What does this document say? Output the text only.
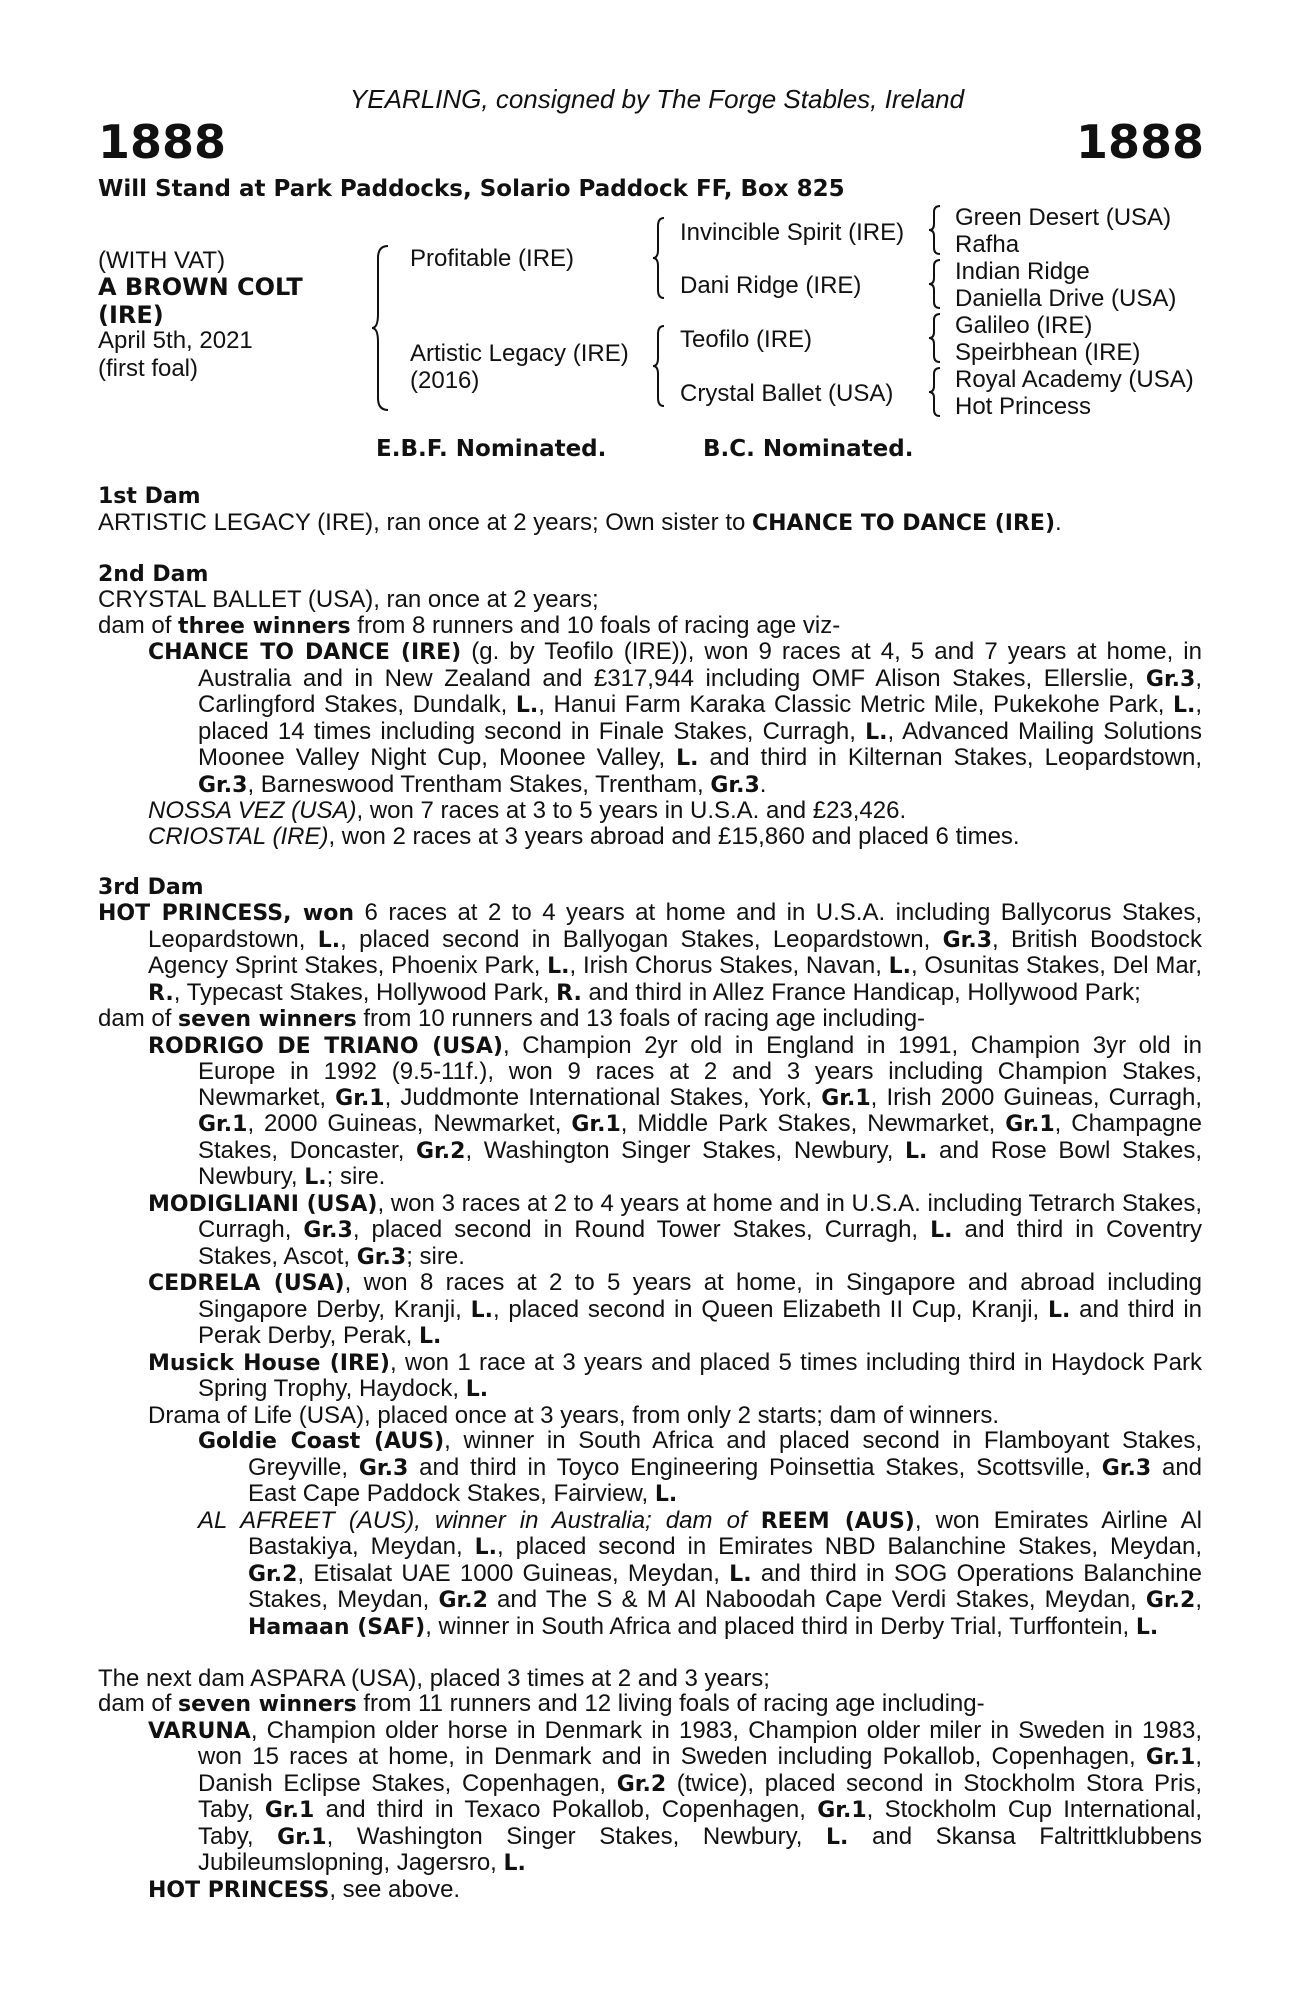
YEARLING, consigned by The Forge Stables, Ireland
1888	1888
Will Stand at Park Paddocks, Solario Paddock FF, Box 825
(WITH VAT)
A BROWN COLT
(IRE)
April 5th, 2021
(first foal)
Profitable (IRE)
Artistic Legacy (IRE)
(2016)
Invincible Spirit (IRE)
Dani Ridge (IRE)
Teofilo (IRE)
Crystal Ballet (USA)
Green Desert (USA)
Rafha
Indian Ridge
Daniella Drive (USA)
Galileo (IRE)
Speirbhean (IRE)
Royal Academy (USA)
Hot Princess
E.B.F. Nominated.	B.C. Nominated.

1st Dam

ARTISTIC LEGACY (IRE), ran once at 2 years; Own sister to CHANCE TO DANCE (IRE).

2nd Dam

CRYSTAL BALLET (USA), ran once at 2 years;

dam of three winners from 8 runners and 10 foals of racing age viz-

CHANCE TO DANCE (IRE) (g. by Teofilo (IRE)), won 9 races at 4, 5 and 7 years at home, in Australia and in New Zealand and £317,944 including OMF Alison Stakes, Ellerslie, Gr.3, Carlingford Stakes, Dundalk, L., Hanui Farm Karaka Classic Metric Mile, Pukekohe Park, L., placed 14 times including second in Finale Stakes, Curragh, L., Advanced Mailing Solutions Moonee Valley Night Cup, Moonee Valley, L. and third in Kilternan Stakes, Leopardstown, Gr.3, Barneswood Trentham Stakes, Trentham, Gr.3.

NOSSA VEZ (USA), won 7 races at 3 to 5 years in U.S.A. and £23,426.

CRIOSTAL (IRE), won 2 races at 3 years abroad and £15,860 and placed 6 times.

3rd Dam

HOT PRINCESS, won 6 races at 2 to 4 years at home and in U.S.A. including Ballycorus Stakes, Leopardstown, L., placed second in Ballyogan Stakes, Leopardstown, Gr.3, British Boodstock Agency Sprint Stakes, Phoenix Park, L., Irish Chorus Stakes, Navan, L., Osunitas Stakes, Del Mar, R., Typecast Stakes, Hollywood Park, R. and third in Allez France Handicap, Hollywood Park;

dam of seven winners from 10 runners and 13 foals of racing age including-

RODRIGO DE TRIANO (USA), Champion 2yr old in England in 1991, Champion 3yr old in Europe in 1992 (9.5-11f.), won 9 races at 2 and 3 years including Champion Stakes, Newmarket, Gr.1, Juddmonte International Stakes, York, Gr.1, Irish 2000 Guineas, Curragh, Gr.1, 2000 Guineas, Newmarket, Gr.1, Middle Park Stakes, Newmarket, Gr.1, Champagne Stakes, Doncaster, Gr.2, Washington Singer Stakes, Newbury, L. and Rose Bowl Stakes, Newbury, L.; sire.

MODIGLIANI (USA), won 3 races at 2 to 4 years at home and in U.S.A. including Tetrarch Stakes, Curragh, Gr.3, placed second in Round Tower Stakes, Curragh, L. and third in Coventry Stakes, Ascot, Gr.3; sire.

CEDRELA (USA), won 8 races at 2 to 5 years at home, in Singapore and abroad including Singapore Derby, Kranji, L., placed second in Queen Elizabeth II Cup, Kranji, L. and third in Perak Derby, Perak, L.

Musick House (IRE), won 1 race at 3 years and placed 5 times including third in Haydock Park Spring Trophy, Haydock, L.

Drama of Life (USA), placed once at 3 years, from only 2 starts; dam of winners.

Goldie Coast (AUS), winner in South Africa and placed second in Flamboyant Stakes, Greyville, Gr.3 and third in Toyco Engineering Poinsettia Stakes, Scottsville, Gr.3 and East Cape Paddock Stakes, Fairview, L.

AL AFREET (AUS), winner in Australia; dam of REEM (AUS), won Emirates Airline Al Bastakiya, Meydan, L., placed second in Emirates NBD Balanchine Stakes, Meydan, Gr.2, Etisalat UAE 1000 Guineas, Meydan, L. and third in SOG Operations Balanchine Stakes, Meydan, Gr.2 and The S & M Al Naboodah Cape Verdi Stakes, Meydan, Gr.2, Hamaan (SAF), winner in South Africa and placed third in Derby Trial, Turffontein, L.

The next dam ASPARA (USA), placed 3 times at 2 and 3 years;

dam of seven winners from 11 runners and 12 living foals of racing age including-

VARUNA, Champion older horse in Denmark in 1983, Champion older miler in Sweden in 1983, won 15 races at home, in Denmark and in Sweden including Pokallob, Copenhagen, Gr.1, Danish Eclipse Stakes, Copenhagen, Gr.2 (twice), placed second in Stockholm Stora Pris, Taby, Gr.1 and third in Texaco Pokallob, Copenhagen, Gr.1, Stockholm Cup International, Taby, Gr.1, Washington Singer Stakes, Newbury, L. and Skansa Faltrittklubbens Jubileumslopning, Jagersro, L.

HOT PRINCESS, see above.
